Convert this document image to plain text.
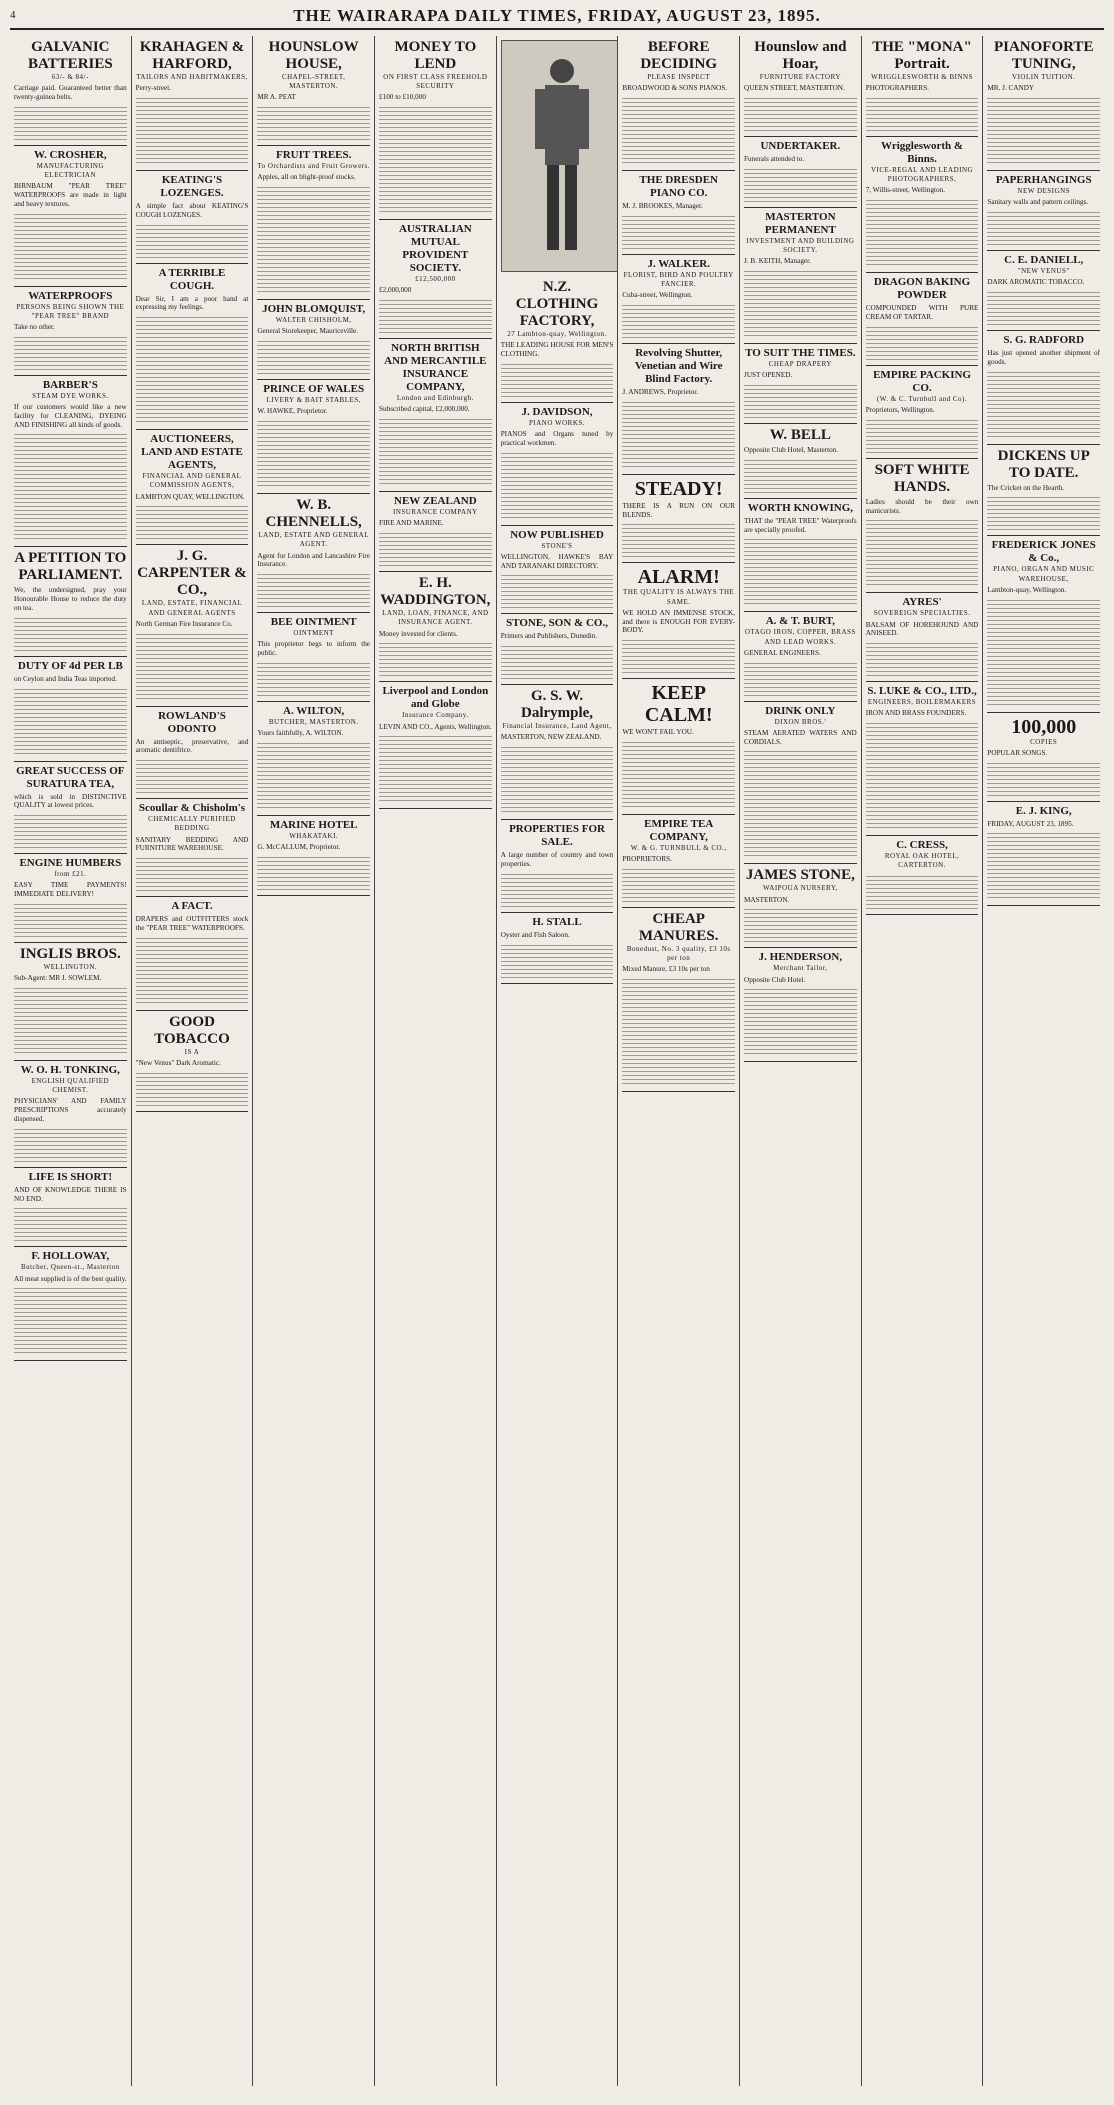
4	THE WAIRARAPA DAILY TIMES, FRIDAY, AUGUST 23, 1895.
GALVANIC BATTERIES
63/- & 84/-
Carriage paid. Guaranteed better than twenty-guinea belts.
W. CROSHER,
MANUFACTURING ELECTRICIAN
BIRNBAUM "PEAR TREE" WATERPROOFS are made in light and heavy textures.
WATERPROOFS
PERSONS BEING SHOWN THE "PEAR TREE" BRAND
Take no other.
BARBER'S
STEAM DYE WORKS.
If our customers would like a new facility for CLEANING, DYEING AND FINISHING all kinds of goods.
A PETITION TO PARLIAMENT.
We, the undersigned, pray your Honourable House to reduce the duty on tea.
DUTY OF 4d PER LB
on Ceylon and India Teas imported.
GREAT SUCCESS OF SURATURA TEA,
which is sold in DISTINCTIVE QUALITY at lowest prices.
ENGINE HUMBERS
from £21.
EASY TIME PAYMENTS! IMMEDIATE DELIVERY!
INGLIS BROS.
WELLINGTON.
Sub-Agent: MR J. SOWLEM.
W. O. H. TONKING,
ENGLISH QUALIFIED CHEMIST.
PHYSICIANS' AND FAMILY PRESCRIPTIONS accurately dispensed.
LIFE IS SHORT!
AND OF KNOWLEDGE THERE IS NO END.
F. HOLLOWAY,
Butcher, Queen-st., Masterton
All meat supplied is of the best quality.
KRAHAGEN & HARFORD,
TAILORS AND HABITMAKERS,
Perry-street.
KEATING'S LOZENGES.
A simple fact about KEATING'S COUGH LOZENGES.
A TERRIBLE COUGH.
Dear Sir, I am a poor hand at expressing my feelings.
AUCTIONEERS, LAND AND ESTATE AGENTS,
FINANCIAL AND GENERAL COMMISSION AGENTS,
LAMBTON QUAY, WELLINGTON.
J. G. CARPENTER & CO.,
LAND, ESTATE, FINANCIAL AND GENERAL AGENTS
North German Fire Insurance Co.
ROWLAND'S ODONTO
An antiseptic, preservative, and aromatic dentifrice.
Scoullar & Chisholm's
CHEMICALLY PURIFIED BEDDING
SANITARY BEDDING AND FURNITURE WAREHOUSE.
A FACT.
DRAPERS and OUTFITTERS stock the "PEAR TREE" WATERPROOFS.
GOOD TOBACCO
IS A
"New Venus" Dark Aromatic.
HOUNSLOW HOUSE,
CHAPEL-STREET, MASTERTON.
MR A. PEAT
FRUIT TREES.
To Orchardists and Fruit Growers.
Apples, all on blight-proof stocks.
JOHN BLOMQUIST,
WALTER CHISHOLM,
General Storekeeper, Mauriceville.
PRINCE OF WALES
LIVERY & BAIT STABLES,
W. HAWKE, Proprietor.
W. B. CHENNELLS,
LAND, ESTATE AND GENERAL AGENT.
Agent for London and Lancashire Fire Insurance.
BEE OINTMENT
OINTMENT
This proprietor begs to inform the public.
A. WILTON,
BUTCHER, MASTERTON.
Yours faithfully, A. WILTON.
MARINE HOTEL
WHAKATAKI.
G. McCALLUM, Proprietor.
MONEY TO LEND
ON FIRST CLASS FREEHOLD SECURITY
£100 to £10,000
AUSTRALIAN MUTUAL PROVIDENT SOCIETY.
£12,500,000
£2,000,000
NORTH BRITISH AND MERCANTILE INSURANCE COMPANY,
London and Edinburgh.
Subscribed capital, £2,000,000.
NEW ZEALAND
INSURANCE COMPANY
FIRE AND MARINE.
E. H. WADDINGTON,
LAND, LOAN, FINANCE, AND INSURANCE AGENT.
Money invested for clients.
Liverpool and London and Globe
Insurance Company.
LEVIN AND CO., Agents, Wellington.
N.Z. CLOTHING FACTORY,
27 Lambton-quay, Wellington.
THE LEADING HOUSE FOR MEN'S CLOTHING.
J. DAVIDSON,
PIANO WORKS.
PIANOS and Organs tuned by practical workmen.
NOW PUBLISHED
STONE'S
WELLINGTON, HAWKE'S BAY AND TARANAKI DIRECTORY.
STONE, SON & CO.,
Printers and Publishers, Dunedin.
G. S. W. Dalrymple,
Financial Insurance, Land Agent,
MASTERTON, NEW ZEALAND.
PROPERTIES FOR SALE.
A large number of country and town properties.
H. STALL
Oyster and Fish Saloon.
BEFORE DECIDING
PLEASE INSPECT
BROADWOOD & SONS PIANOS.
THE DRESDEN PIANO CO.
M. J. BROOKES, Manager.
J. WALKER.
FLORIST, BIRD AND POULTRY FANCIER.
Cuba-street, Wellington.
Revolving Shutter, Venetian and Wire Blind Factory.
J. ANDREWS, Proprietor.
STEADY!
THERE IS A RUN ON OUR BLENDS.
ALARM!
THE QUALITY IS ALWAYS THE SAME.
WE HOLD AN IMMENSE STOCK, and there is ENOUGH FOR EVERY-BODY.
KEEP CALM!
WE WON'T FAIL YOU.
EMPIRE TEA COMPANY,
W. & G. TURNBULL & CO.,
PROPRIETORS.
CHEAP MANURES.
Bonedust, No. 3 quality, £3 10s per ton
Mixed Manure, £3 10s per ton
Hounslow and Hoar,
FURNITURE FACTORY
QUEEN STREET, MASTERTON.
UNDERTAKER.
Funerals attended to.
MASTERTON PERMANENT
INVESTMENT AND BUILDING SOCIETY.
J. B. KEITH, Manager.
TO SUIT THE TIMES.
CHEAP DRAPERY
JUST OPENED.
W. BELL
Opposite Club Hotel, Masterton.
WORTH KNOWING,
THAT the "PEAR TREE" Waterproofs are specially proofed.
A. & T. BURT,
OTAGO IRON, COPPER, BRASS AND LEAD WORKS.
GENERAL ENGINEERS.
DRINK ONLY
DIXON BROS.'
STEAM AERATED WATERS AND CORDIALS.
JAMES STONE,
WAIPOUA NURSERY,
MASTERTON.
J. HENDERSON,
Merchant Tailor,
Opposite Club Hotel.
THE "MONA" Portrait.
WRIGGLESWORTH & BINNS
PHOTOGRAPHERS.
Wrigglesworth & Binns.
VICE-REGAL AND LEADING PHOTOGRAPHERS,
7, Willis-street, Wellington.
DRAGON BAKING POWDER
COMPOUNDED WITH PURE CREAM OF TARTAR.
EMPIRE PACKING CO.
(W. & C. Turnbull and Co).
Proprietors, Wellington.
SOFT WHITE HANDS.
Ladies should be their own manicurists.
AYRES'
SOVEREIGN SPECIALTIES.
BALSAM OF HOREHOUND AND ANISEED.
S. LUKE & CO., LTD.,
ENGINEERS, BOILERMAKERS
IRON AND BRASS FOUNDERS.
C. CRESS,
ROYAL OAK HOTEL, CARTERTON.
PIANOFORTE TUNING,
VIOLIN TUITION.
MR. J. CANDY
PAPERHANGINGS
NEW DESIGNS
Sanitary walls and pattern ceilings.
C. E. DANIELL,
"NEW VENUS"
DARK AROMATIC TOBACCO.
S. G. RADFORD
Has just opened another shipment of goods.
DICKENS UP TO DATE.
The Cricket on the Hearth.
FREDERICK JONES & Co.,
PIANO, ORGAN AND MUSIC WAREHOUSE,
Lambton-quay, Wellington.
100,000
COPIES
POPULAR SONGS.
E. J. KING,
FRIDAY, AUGUST 23, 1895.
